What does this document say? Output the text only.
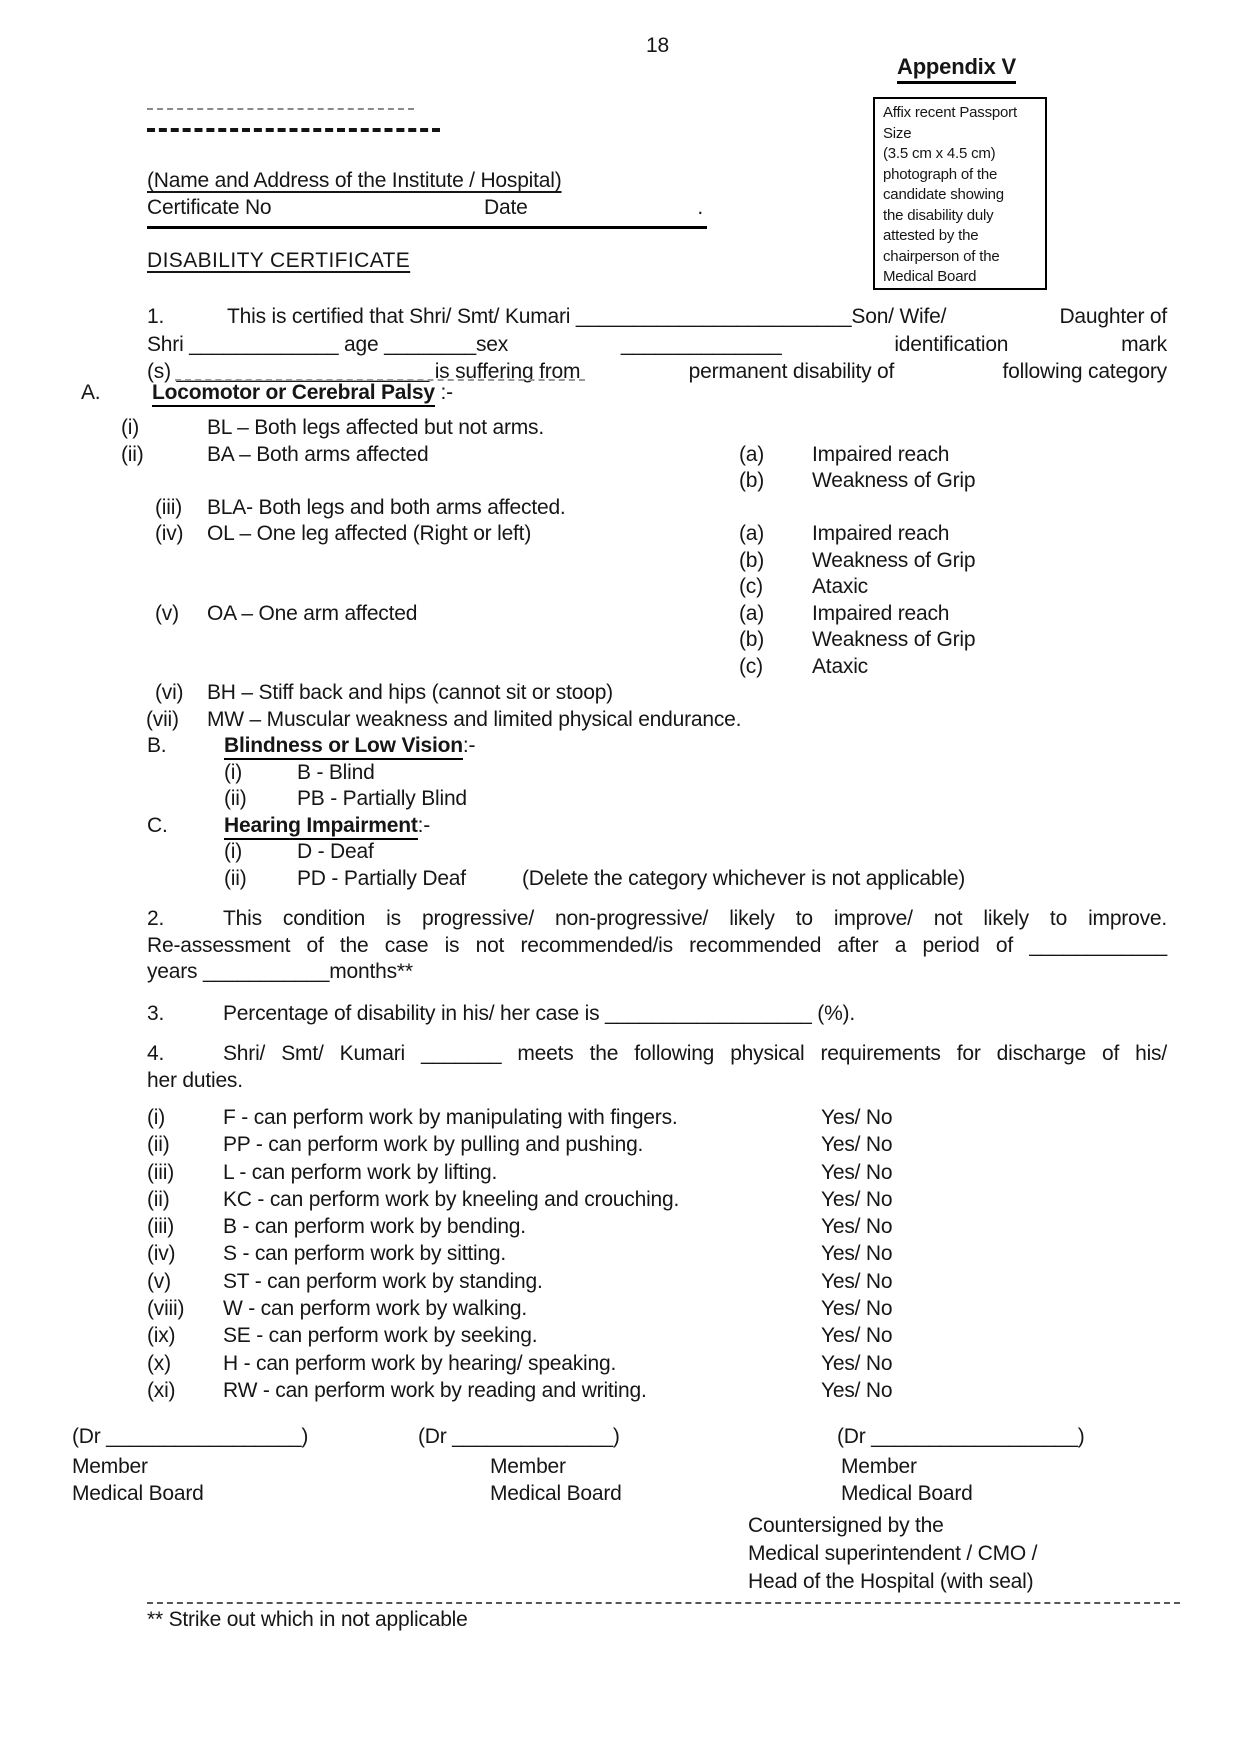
18
Appendix V
Affix recent Passport
Size
(3.5 cm x 4.5 cm)
photograph of the
candidate showing
the disability duly
attested by the
chairperson of the
Medical Board
(Name and Address of the Institute / Hospital)
Certificate No	Date	.
DISABILITY CERTIFICATE
1.	This is certified that Shri/ Smt/ Kumari ________________________Son/ Wife/	Daughter of
Shri _____________ age ________sex	______________	identification	mark
(s) ______________________ is suffering from	permanent disability of	following category
A. Locomotor or Cerebral Palsy :-
(i)	BL – Both legs affected but not arms.
(ii)	BA – Both arms affected	(a) Impaired reach
(b) Weakness of Grip
(iii) BLA- Both legs and both arms affected.
(iv) OL – One leg affected (Right or left)	(a) Impaired reach
(b) Weakness of Grip
(c) Ataxic
(v) OA – One arm affected	(a) Impaired reach
(b) Weakness of Grip
(c) Ataxic
(vi) BH – Stiff back and hips (cannot sit or stoop)
(vii) MW – Muscular weakness and limited physical endurance.
B.	Blindness or Low Vision:-
(i)	B - Blind
(ii) PB - Partially Blind
C.	Hearing Impairment:-
(i)	D - Deaf
(ii) PD - Partially Deaf	(Delete the category whichever is not applicable)
2.	This condition is progressive/ non-progressive/ likely to improve/ not likely to improve.
Re-assessment of the case is not recommended/is recommended after a period of ____________
years ___________months**
3.	Percentage of disability in his/ her case is __________________ (%).
4.	Shri/ Smt/ Kumari _______ meets the following physical requirements for discharge of his/
her duties.
(i)	F - can perform work by manipulating with fingers.	Yes/ No
(ii)	PP - can perform work by pulling and pushing.	Yes/ No
(iii) L - can perform work by lifting.	Yes/ No
(ii)	KC - can perform work by kneeling and crouching.	Yes/ No
(iii) B - can perform work by bending.	Yes/ No
(iv) S - can perform work by sitting.	Yes/ No
(v) ST - can perform work by standing.	Yes/ No
(viii) W - can perform work by walking.	Yes/ No
(ix) SE - can perform work by seeking.	Yes/ No
(x) H - can perform work by hearing/ speaking.	Yes/ No
(xi) RW - can perform work by reading and writing.	Yes/ No
(Dr _________________)	(Dr ______________)	(Dr __________________)
Member	Member	Member
Medical Board	Medical Board	Medical Board
Countersigned by the
Medical superintendent / CMO /
Head of the Hospital (with seal)
** Strike out which in not applicable
